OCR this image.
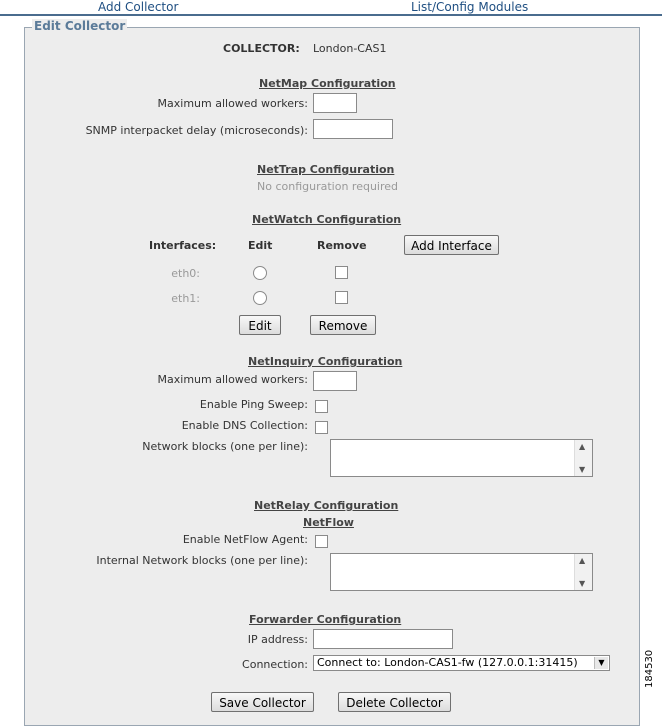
Add Collector	List/Config Modules
Edit Collector
COLLECTOR: London-CAS1
NetMap Configuration
Maximum allowed workers:
SNMP interpacket delay (microseconds):
NetTrap Configuration
No configuration required
NetWatch Configuration
Interfaces:	Edit	Remove	Add Interface
eth0:
eth1:
Edit	Remove
NetInquiry Configuration
Maximum allowed workers:
Enable Ping Sweep:
Enable DNS Collection:
Network blocks (one per line):	▲
▼
NetRelay Configuration
NetFlow
Enable NetFlow Agent:
Internal Network blocks (one per line):	▲
▼
Forwarder Configuration
IP address:
Connection: Connect to: London-CAS1-fw (127.0.0.1:31415)	▼
Save Collector	Delete Collector
184530
